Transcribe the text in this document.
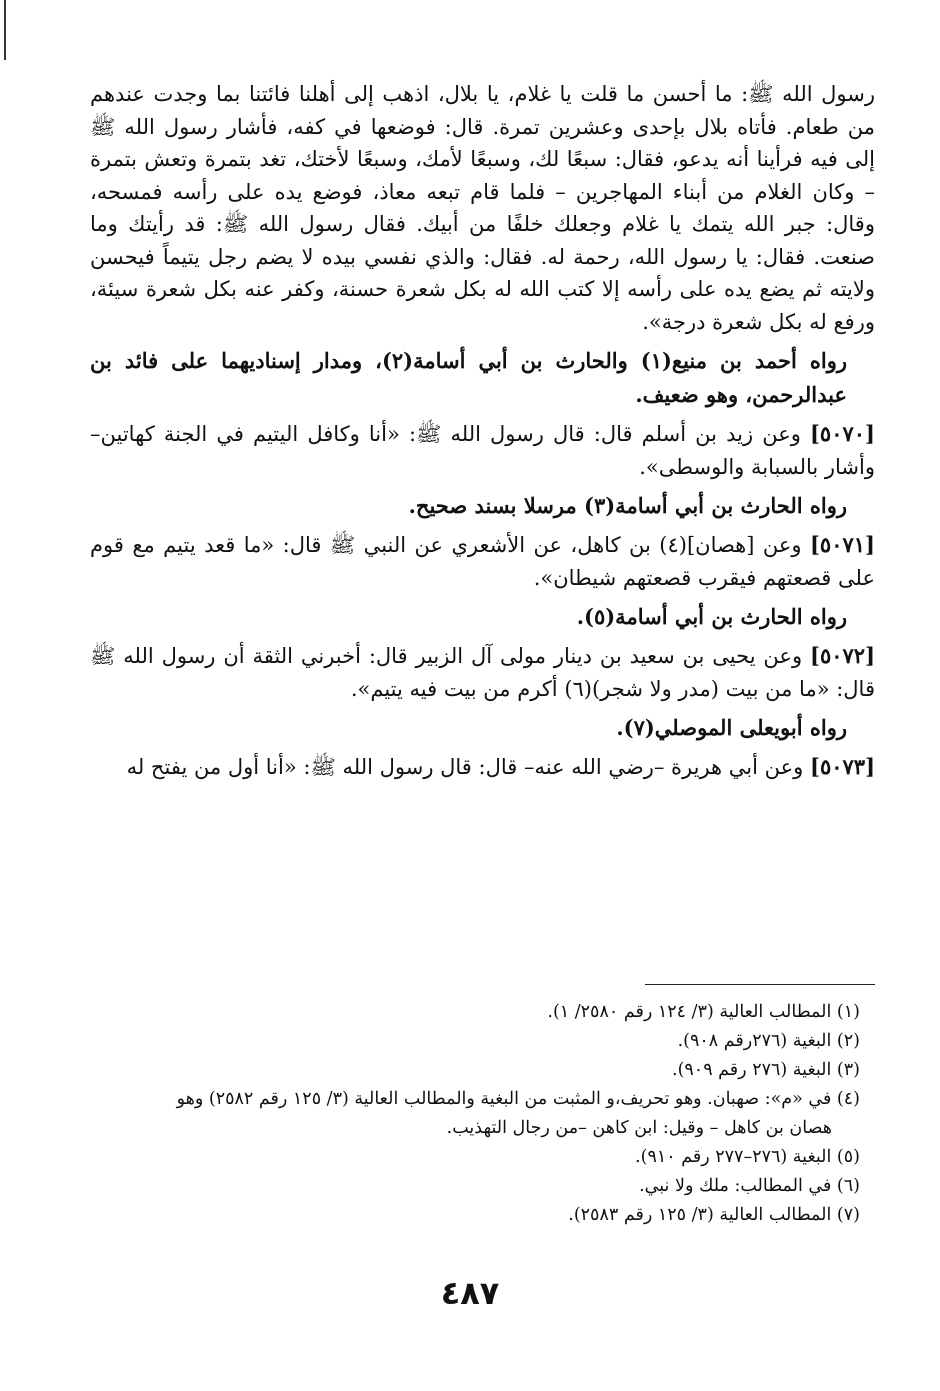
رسول الله ﷺ: ما أحسن ما قلت يا غلام، يا بلال، اذهب إلى أهلنا فائتنا بما وجدت عندهم من طعام. فأتاه بلال بإحدى وعشرين تمرة. قال: فوضعها في كفه، فأشار رسول الله ﷺ إلى فيه فرأينا أنه يدعو، فقال: سبعًا لك، وسبعًا لأمك، وسبعًا لأختك، تغد بتمرة وتعش بتمرة – وكان الغلام من أبناء المهاجرين – فلما قام تبعه معاذ، فوضع يده على رأسه فمسحه، وقال: جبر الله يتمك يا غلام وجعلك خلفًا من أبيك. فقال رسول الله ﷺ: قد رأيتك وما صنعت. فقال: يا رسول الله، رحمة له. فقال: والذي نفسي بيده لا يضم رجل يتيماً فيحسن ولايته ثم يضع يده على رأسه إلا كتب الله له بكل شعرة حسنة، وكفر عنه بكل شعرة سيئة، ورفع له بكل شعرة درجة».

رواه أحمد بن منيع(١) والحارث بن أبي أسامة(٢)، ومدار إسناديهما على فائد بن عبدالرحمن، وهو ضعيف.

[٥٠٧٠] وعن زيد بن أسلم قال: قال رسول الله ﷺ: «أنا وكافل اليتيم في الجنة كهاتين– وأشار بالسبابة والوسطى».

رواه الحارث بن أبي أسامة(٣) مرسلا بسند صحيح.

[٥٠٧١] وعن [هصان](٤) بن كاهل، عن الأشعري عن النبي ﷺ قال: «ما قعد يتيم مع قوم على قصعتهم فيقرب قصعتهم شيطان».

رواه الحارث بن أبي أسامة(٥).

[٥٠٧٢] وعن يحيى بن سعيد بن دينار مولى آل الزبير قال: أخبرني الثقة أن رسول الله ﷺ قال: «ما من بيت (مدر ولا شجر)(٦) أكرم من بيت فيه يتيم».

رواه أبويعلى الموصلي(٧).

[٥٠٧٣] وعن أبي هريرة –رضي الله عنه– قال: قال رسول الله ﷺ: «أنا أول من يفتح له

(١) المطالب العالية (٣/ ١٢٤ رقم ٢٥٨٠/ ١).
(٢) البغية (٢٧٦رقم ٩٠٨).
(٣) البغية (٢٧٦ رقم ٩٠٩).
(٤) في «م»: صهبان. وهو تحريف،و المثبت من البغية والمطالب العالية (٣/ ١٢٥ رقم ٢٥٨٢) وهو
هصان بن كاهل – وقيل: ابن كاهن –من رجال التهذيب.
(٥) البغية (٢٧٦–٢٧٧ رقم ٩١٠).
(٦) في المطالب: ملك ولا نبي.
(٧) المطالب العالية (٣/ ١٢٥ رقم ٢٥٨٣).
٤٨٧
